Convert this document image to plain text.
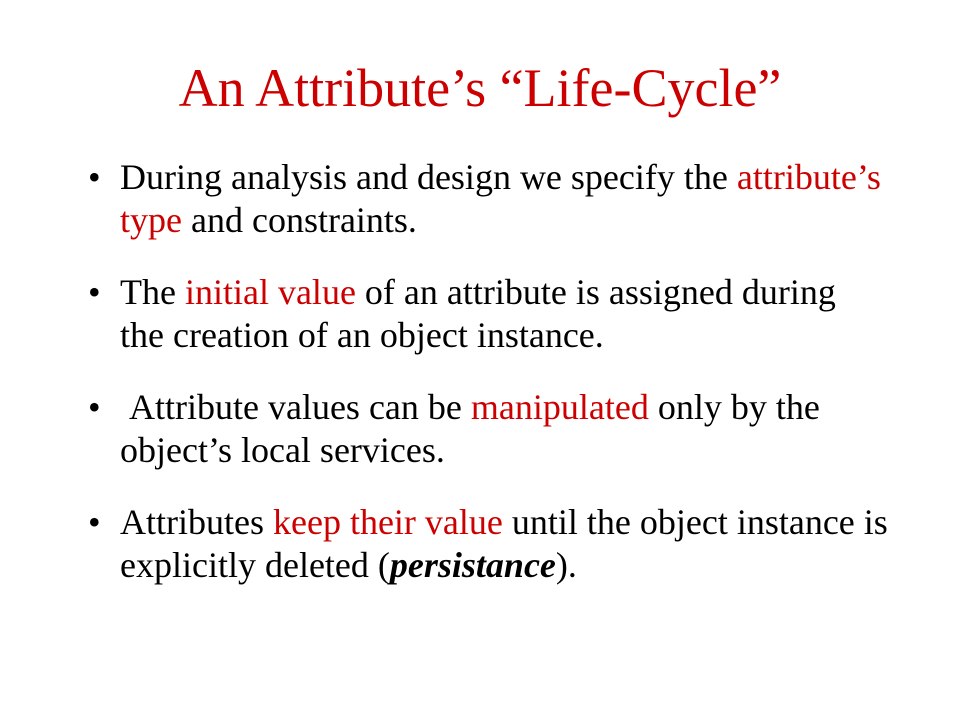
An Attribute’s “Life-Cycle”
• During analysis and design we specify the attribute’s type and constraints.
• The initial value of an attribute is assigned during the creation of an object instance.
• Attribute values can be manipulated only by the object’s local services.
• Attributes keep their value until the object instance is explicitly deleted (persistance).
